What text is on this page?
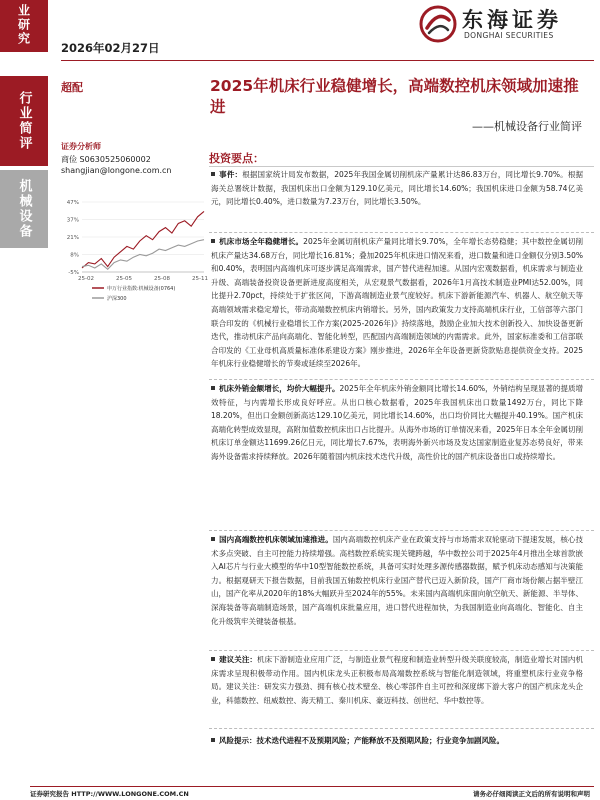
业研究
行业简评
机械设备
东海证券
DONGHAI SECURITIES
2026年02月27日
超配	2025年机床行业稳健增长，高端数控机床领域加速推进
——机械设备行业简评
证券分析师
商俭 S0630525060002
shangjian@longone.com.cn
-5%
8%
21%
37%
47%
25-02	25-05	25-08	25-11
申万行业指数:机械设备(0764)
沪深300
投资要点：
事件：根据国家统计局发布数据，2025年我国金属切削机床产量累计达86.83万台，同比增长9.70%。根据海关总署统计数据，我国机床出口金额为129.10亿美元，同比增长14.60%；我国机床进口金额为58.74亿美元，同比增长0.40%，进口数量为7.23万台，同比增长3.50%。
机床市场全年稳健增长。2025年金属切削机床产量同比增长9.70%，全年增长态势稳健；其中数控金属切削机床产量达34.68万台，同比增长16.81%；叠加2025年机床进口情况来看，进口数量和进口金额仅分别3.50%和0.40%，表明国内高端机床可逐步满足高端需求，国产替代进程加速。从国内宏观数据看，机床需求与制造业升级、高端装备投资设备更新进度高度相关，从宏观景气数据看，2026年1月高技术制造业PMI达52.00%，同比提升2.70pct，持续处于扩张区间，下游高端制造业景气度较好。机床下游新能源汽车、机器人、航空航天等高端领域需求稳定增长，带动高端数控机床内销增长。另外，国内政策发力支持高端机床行业，工信部等六部门联合印发的《机械行业稳增长工作方案(2025-2026年)》持续落地，鼓励企业加大技术创新投入、加快设备更新迭代，推动机床产品向高端化、智能化转型，匹配国内高端制造领域的内需需求。此外，国家标准委和工信部联合印发的《工业母机高质量标准体系建设方案》刚步推进，2026年全年设备更新贷款贴息提供资金支持。2025年机床行业稳健增长的节奏或延续至2026年。
机床外销金额增长，均价大幅提升。2025年全年机床外销金额同比增长14.60%，外销结构呈现显著的提质增效特征，与内需增长形成良好呼应。从出口核心数据看，2025年我国机床出口数量1492万台，同比下降18.20%，但出口金额创新高达129.10亿美元，同比增长14.60%，出口均价同比大幅提升40.19%。国产机床高端化转型成效显现，高附加值数控机床出口占比提升。从海外市场的订单情况来看，2025年日本全年金属切削机床订单金额达11699.26亿日元，同比增长7.67%，表明海外新兴市场及发达国家制造业复苏态势良好，带来海外设备需求持续释放。2026年随着国内机床技术迭代升级，高性价比的国产机床设备出口或持续增长。
国内高端数控机床领域加速推进。国内高端数控机床产业在政策支持与市场需求双轮驱动下提速发展，核心技术多点突破、自主可控能力持续增强。高档数控系统实现关键跨越，华中数控公司于2025年4月推出全球首款嵌入AI芯片与行业大模型的华中10型智能数控系统，具备可实时处理多源传感器数据，赋予机床动态感知与决策能力。根据观研天下报告数据，目前我国五轴数控机床行业国产替代已迈入新阶段，国产厂商市场份额占据半壁江山，国产化率从2020年的18%大幅跃升至2024年的55%。未来国内高端机床面向航空航天、新能源、半导体、深海装备等高端制造场景，国产高端机床批量应用，进口替代进程加快，为我国制造业向高端化、智能化、自主化升级筑牢关键装备根基。
建议关注：机床下游制造业应用广泛，与制造业景气程度和制造业转型升级关联度较高，制造业增长对国内机床需求呈现积极带动作用。国内机床龙头正积极布局高端数控系统与智能化制造领域，将重塑机床行业竞争格局。建议关注：研发实力强劲、拥有核心技术壁垒、核心零部件自主可控和深度绑下游大客户的国产机床龙头企业，科德数控、纽威数控、海天精工、秦川机床、豪迈科技、创世纪、华中数控等。
风险提示：技术迭代进程不及预期风险；产能释放不及预期风险；行业竞争加剧风险。
证券研究报告 HTTP://WWW.LONGONE.COM.CN	请务必仔细阅读正文后的所有说明和声明
